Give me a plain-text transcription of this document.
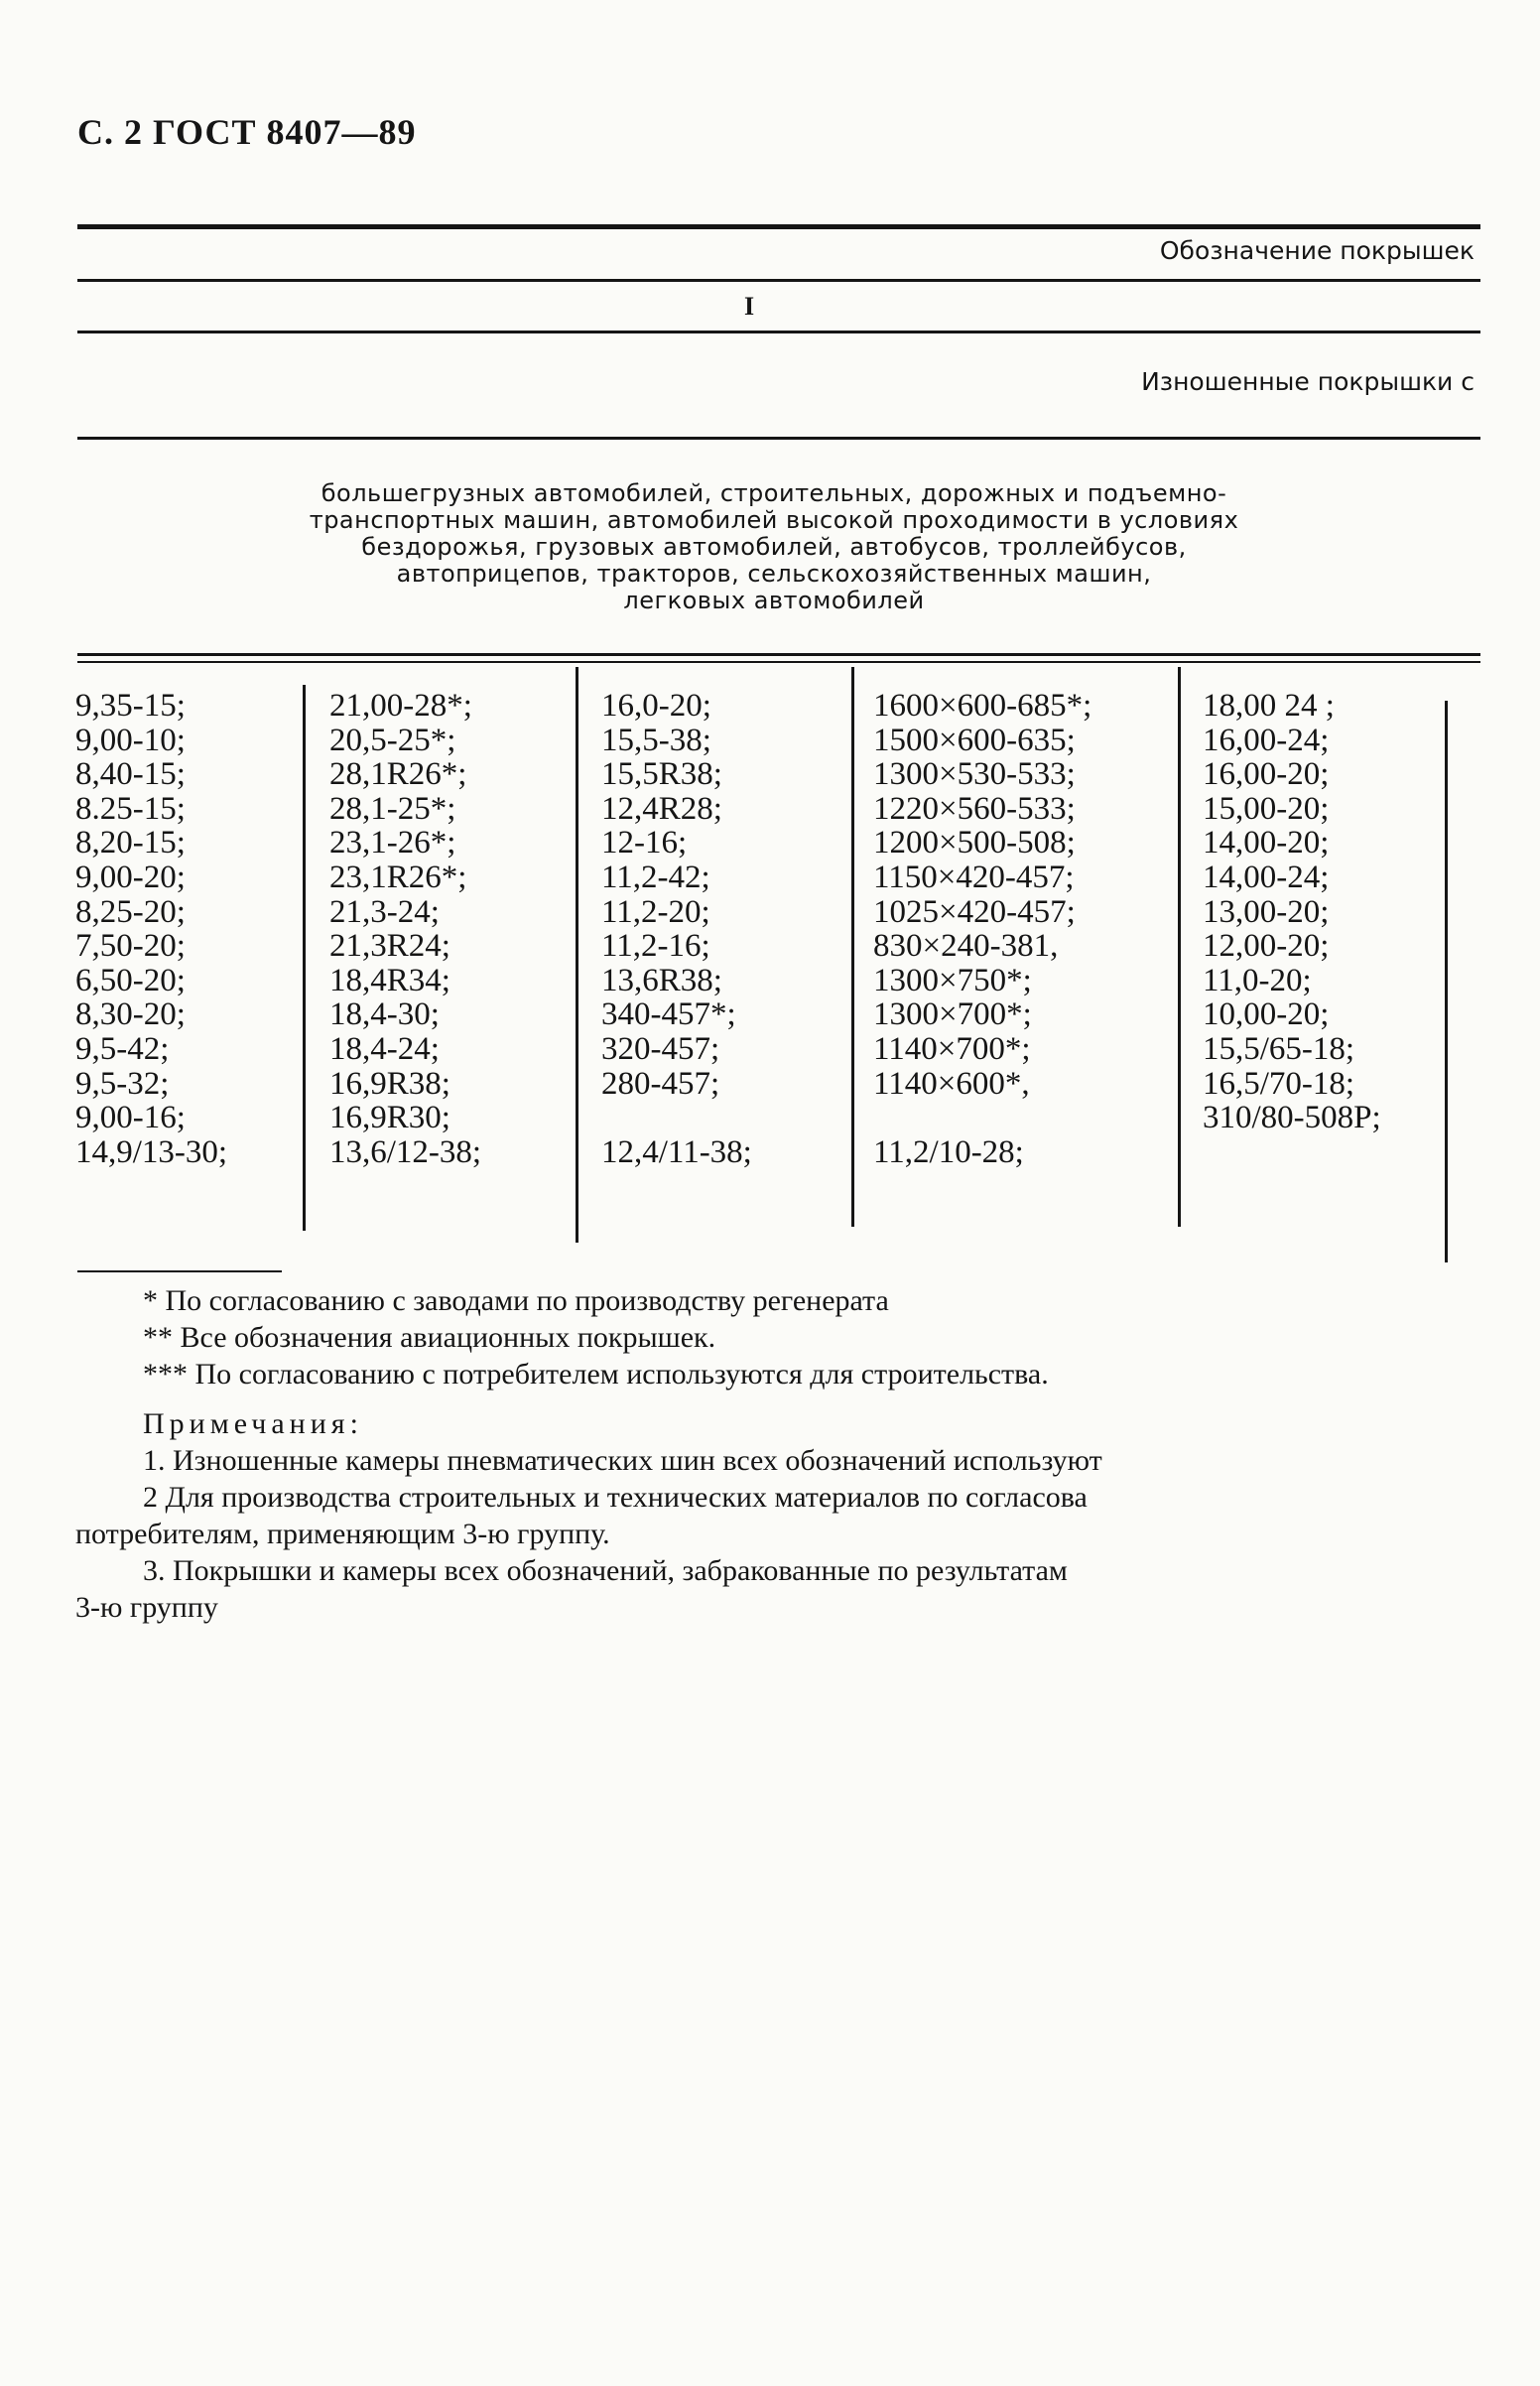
С. 2 ГОСТ 8407—89
Обозначение покрышек
I
Изношенные покрышки с
большегрузных автомобилей, строительных, дорожных и подъемно-
транспортных машин, автомобилей высокой проходимости в условиях
бездорожья, грузовых автомобилей, автобусов, троллейбусов,
автоприцепов, тракторов, сельскохозяйственных машин,
легковых автомобилей
9,35-15;
9,00-10;
8,40-15;
8.25-15;
8,20-15;
9,00-20;
8,25-20;
7,50-20;
6,50-20;
8,30-20;
9,5-42;
9,5-32;
9,00-16;
14,9/13-30;
21,00-28*;
20,5-25*;
28,1R26*;
28,1-25*;
23,1-26*;
23,1R26*;
21,3-24;
21,3R24;
18,4R34;
18,4-30;
18,4-24;
16,9R38;
16,9R30;
13,6/12-38;
16,0-20;
15,5-38;
15,5R38;
12,4R28;
12-16;
11,2-42;
11,2-20;
11,2-16;
13,6R38;
340-457*;
320-457;
280-457;
12,4/11-38;
1600×600-685*;
1500×600-635;
1300×530-533;
1220×560-533;
1200×500-508;
1150×420-457;
1025×420-457;
830×240-381,
1300×750*;
1300×700*;
1140×700*;
1140×600*,
11,2/10-28;
18,00 24 ;
16,00-24;
16,00-20;
15,00-20;
14,00-20;
14,00-24;
13,00-20;
12,00-20;
11,0-20;
10,00-20;
15,5/65-18;
16,5/70-18;
310/80-508P;
* По согласованию с заводами по производству регенерата
** Все обозначения авиационных покрышек.
*** По согласованию с потребителем используются для строительства.
Примечания:
1. Изношенные камеры пневматических шин всех обозначений используют
2 Для производства строительных и технических материалов по согласова
потребителям, применяющим 3-ю группу.
3. Покрышки и камеры всех обозначений, забракованные по результатам
3-ю группу
